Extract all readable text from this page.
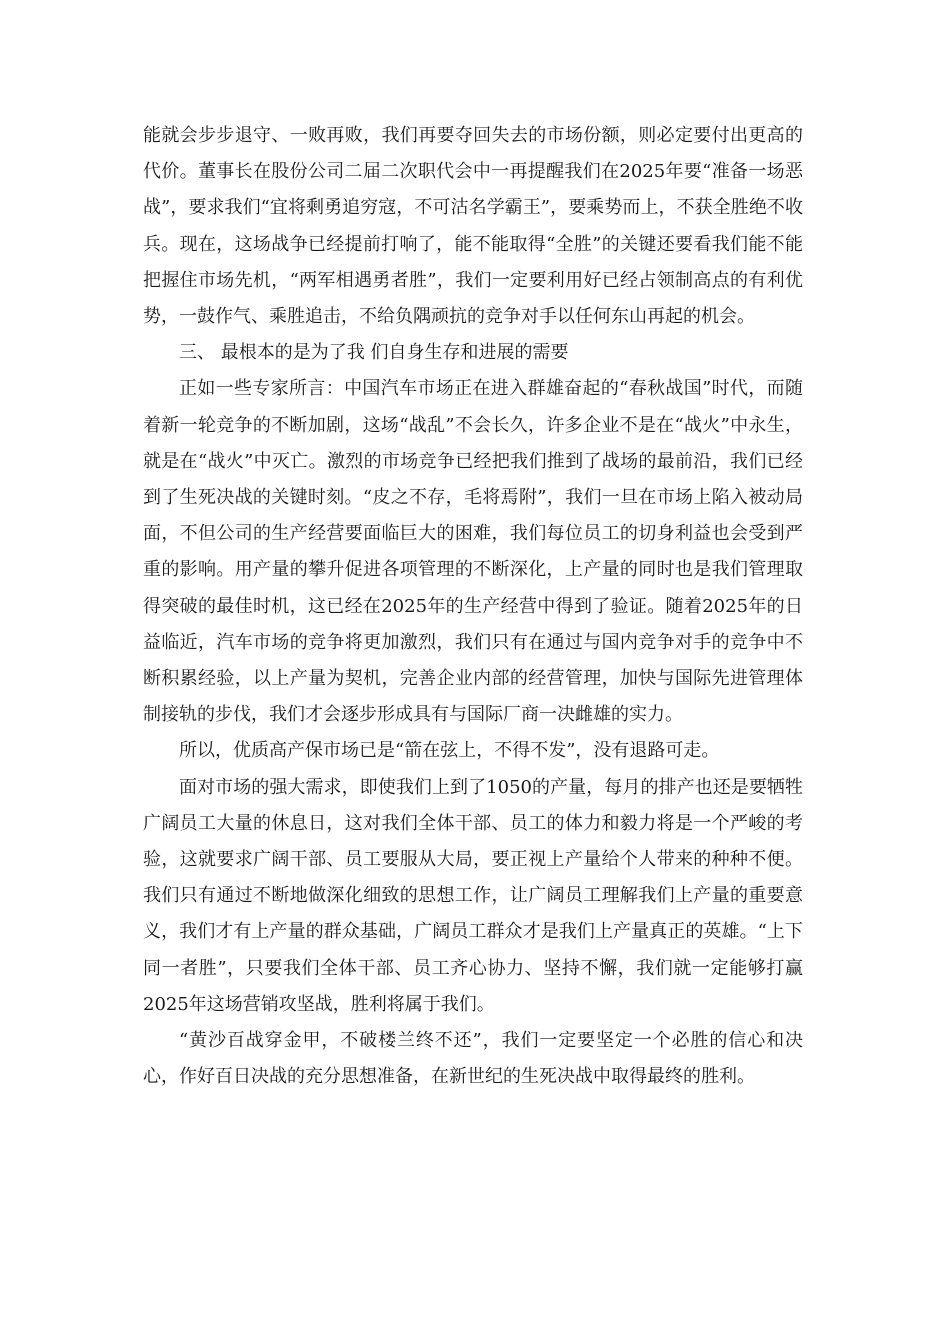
能就会步步退守、一败再败，我们再要夺回失去的市场份额，则必定要付出更高的代价。董事长在股份公司二届二次职代会中一再提醒我们在2025年要“准备一场恶战”，要求我们“宜将剩勇追穷寇，不可沽名学霸王”，要乘势而上，不获全胜绝不收兵。现在，这场战争已经提前打响了，能不能取得“全胜”的关键还要看我们能不能把握住市场先机，“两军相遇勇者胜”，我们一定要利用好已经占领制高点的有利优势，一鼓作气、乘胜追击，不给负隅顽抗的竞争对手以任何东山再起的机会。

三、 最根本的是为了我 们自身生存和进展的需要

正如一些专家所言：中国汽车市场正在进入群雄奋起的“春秋战国”时代，而随着新一轮竞争的不断加剧，这场“战乱”不会长久，许多企业不是在“战火”中永生，就是在“战火”中灭亡。激烈的市场竞争已经把我们推到了战场的最前沿，我们已经到了生死决战的关键时刻。“皮之不存，毛将焉附”，我们一旦在市场上陷入被动局面，不但公司的生产经营要面临巨大的困难，我们每位员工的切身利益也会受到严重的影响。用产量的攀升促进各项管理的不断深化，上产量的同时也是我们管理取得突破的最佳时机，这已经在2025年的生产经营中得到了验证。随着2025年的日益临近，汽车市场的竞争将更加激烈，我们只有在通过与国内竞争对手的竞争中不断积累经验，以上产量为契机，完善企业内部的经营管理，加快与国际先进管理体制接轨的步伐，我们才会逐步形成具有与国际厂商一决雌雄的实力。

所以，优质高产保市场已是“箭在弦上，不得不发”，没有退路可走。

面对市场的强大需求，即使我们上到了1050的产量，每月的排产也还是要牺牲广阔员工大量的休息日，这对我们全体干部、员工的体力和毅力将是一个严峻的考验，这就要求广阔干部、员工要服从大局，要正视上产量给个人带来的种种不便。我们只有通过不断地做深化细致的思想工作，让广阔员工理解我们上产量的重要意义，我们才有上产量的群众基础，广阔员工群众才是我们上产量真正的英雄。“上下同一者胜”，只要我们全体干部、员工齐心协力、坚持不懈，我们就一定能够打赢2025年这场营销攻坚战，胜利将属于我们。

“黄沙百战穿金甲，不破楼兰终不还”，我们一定要坚定一个必胜的信心和决心，作好百日决战的充分思想准备，在新世纪的生死决战中取得最终的胜利。
